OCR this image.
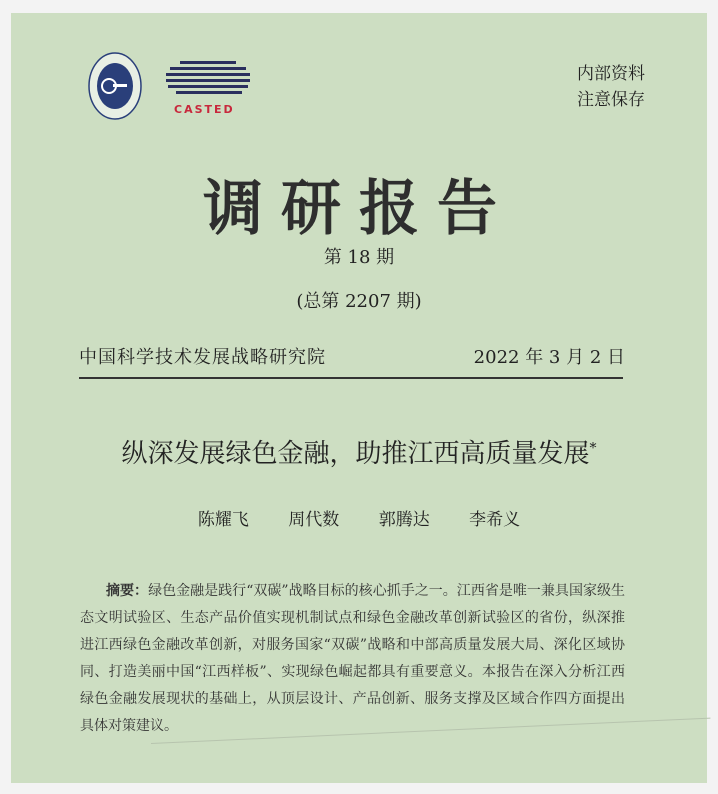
CASTED
内部资料
注意保存
调研报告
第 18 期
(总第 2207 期)
中国科学技术发展战略研究院	2022 年 3 月 2 日
纵深发展绿色金融，助推江西高质量发展*
陈耀飞 周代数 郭腾达 李希义
摘要：绿色金融是践行“双碳”战略目标的核心抓手之一。江西省是唯一兼具国家级生态文明试验区、生态产品价值实现机制试点和绿色金融改革创新试验区的省份，纵深推进江西绿色金融改革创新，对服务国家“双碳”战略和中部高质量发展大局、深化区域协同、打造美丽中国“江西样板”、实现绿色崛起都具有重要意义。本报告在深入分析江西绿色金融发展现状的基础上，从顶层设计、产品创新、服务支撑及区域合作四方面提出具体对策建议。
